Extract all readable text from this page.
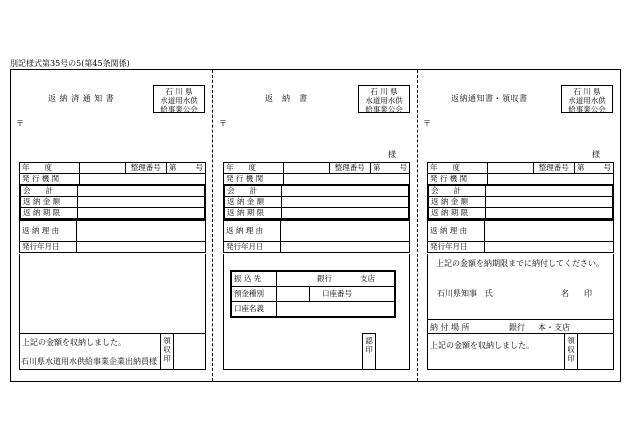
別記様式第35号の5(第45条関係)
返 納 済 通 知 書
石 川 県
水道用水供
給事業公会
〒
年　　度		整理番号	第 号

発 行 機 関			
会　　計	
返 納 金 額	
返 納 期 限	
返 納 理 由	
発行年月日	
上記の金額を収納しました。
石川県水道用水供給事業企業出納員様
領
収
印
返　納　書
石 川 県
水道用水供
給事業公会
〒
様
年　　度		整理番号	第 号

発 行 機 関			
会　　計	
返 納 金 額	
返 納 期 限	
返 納 理 由	
発行年月日	
振 込 先	銀行 支店	
預金種別		口座番号
口座名義		
認
印
返納通知書・領収書
石 川 県
水道用水供
給事業公会
〒
様
年　　度		整理番号	第 号

発 行 機 関			
会　　計	
返 納 金 額	
返 納 期 限	
返 納 理 由	
発行年月日	
上記の金額を納期限までに納付してください。
石川県知事　氏	名 印
納 付 場 所	銀行 本・支店
上記の金額を収納しました。
領
収
印
